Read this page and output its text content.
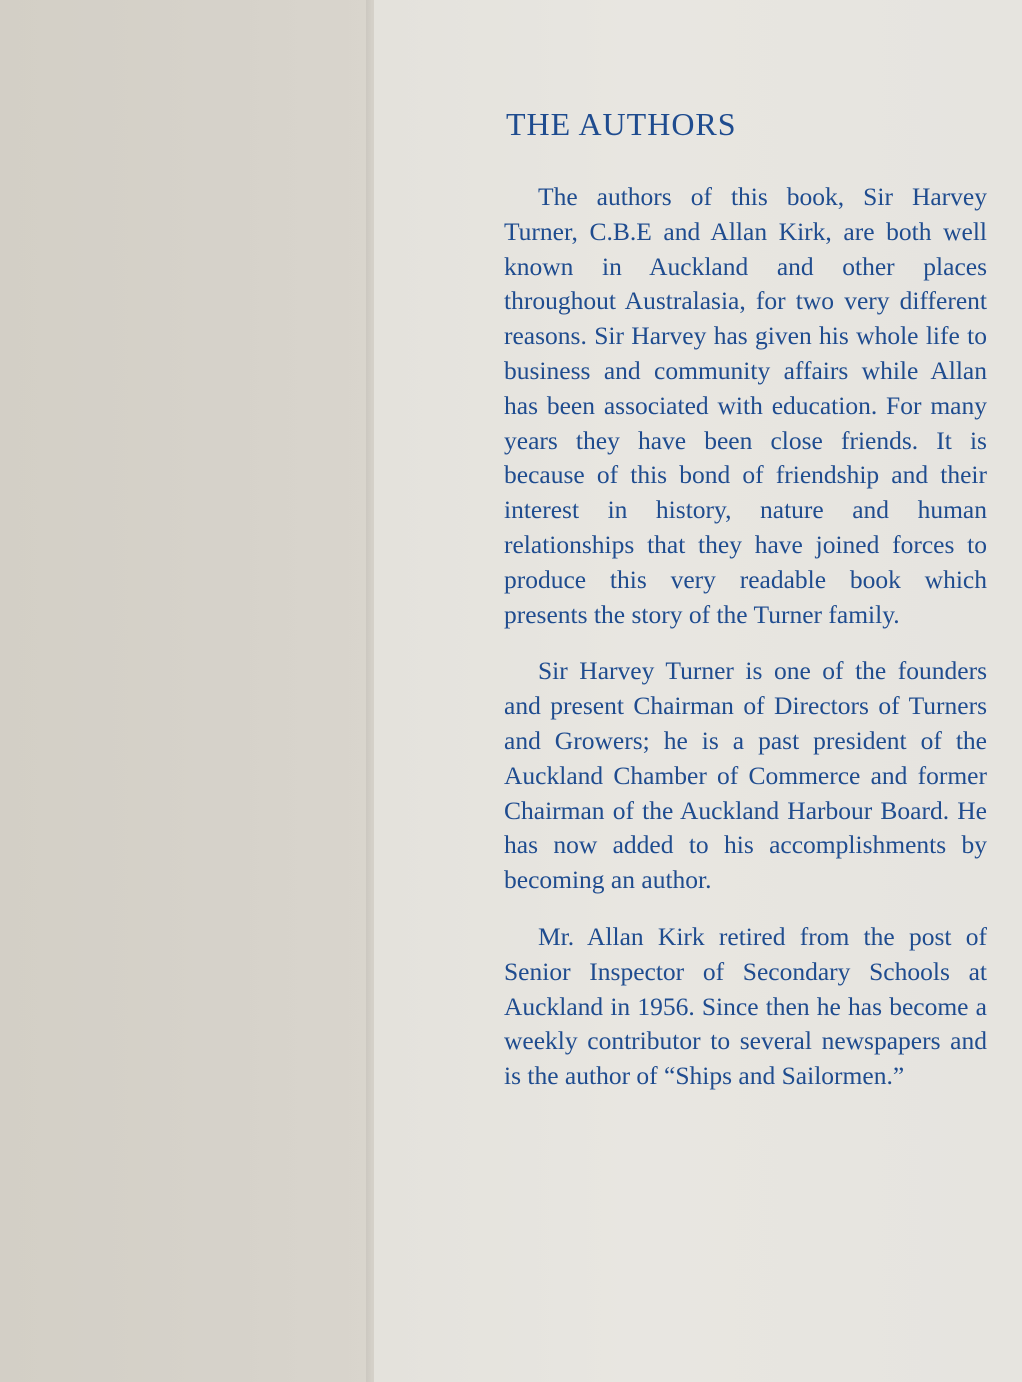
THE AUTHORS

The authors of this book, Sir Harvey Turner, C.B.E and Allan Kirk, are both well known in Auckland and other places throughout Australasia, for two very different reasons. Sir Harvey has given his whole life to business and community affairs while Allan has been associated with education. For many years they have been close friends. It is because of this bond of friendship and their interest in history, nature and human relationships that they have joined forces to produce this very readable book which presents the story of the Turner family.

Sir Harvey Turner is one of the founders and present Chairman of Directors of Turners and Growers; he is a past president of the Auckland Chamber of Commerce and former Chairman of the Auckland Harbour Board. He has now added to his accomplishments by becoming an author.

Mr. Allan Kirk retired from the post of Senior Inspector of Secondary Schools at Auckland in 1956. Since then he has become a weekly contributor to several newspapers and is the author of “Ships and Sailormen.”
